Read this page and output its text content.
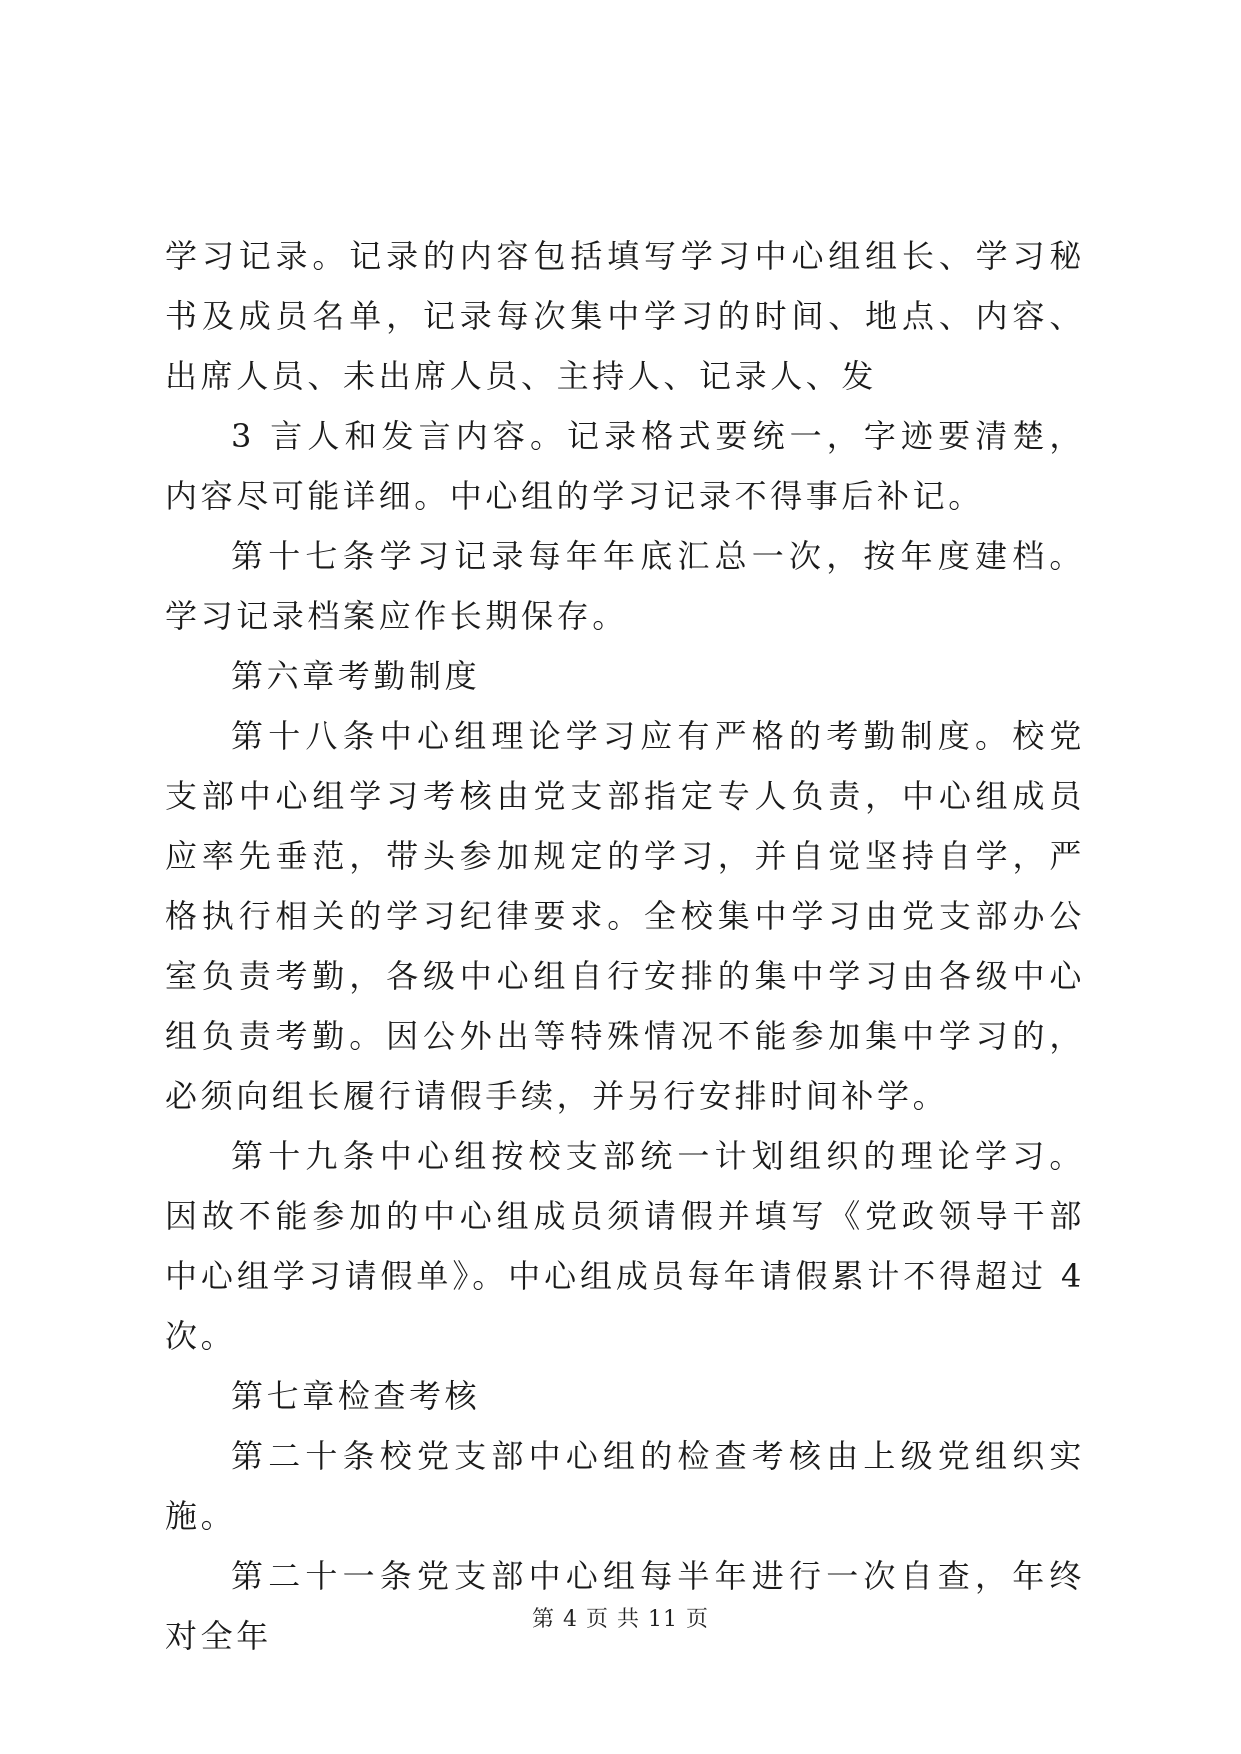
学习记录。记录的内容包括填写学习中心组组长、学习秘书及成员名单，记录每次集中学习的时间、地点、内容、出席人员、未出席人员、主持人、记录人、发

3 言人和发言内容。记录格式要统一，字迹要清楚，内容尽可能详细。中心组的学习记录不得事后补记。

第十七条学习记录每年年底汇总一次，按年度建档。学习记录档案应作长期保存。

第六章考勤制度

第十八条中心组理论学习应有严格的考勤制度。校党支部中心组学习考核由党支部指定专人负责，中心组成员应率先垂范，带头参加规定的学习，并自觉坚持自学，严格执行相关的学习纪律要求。全校集中学习由党支部办公室负责考勤，各级中心组自行安排的集中学习由各级中心组负责考勤。因公外出等特殊情况不能参加集中学习的，必须向组长履行请假手续，并另行安排时间补学。

第十九条中心组按校支部统一计划组织的理论学习。因故不能参加的中心组成员须请假并填写《党政领导干部中心组学习请假单》。中心组成员每年请假累计不得超过 4 次。

第七章检查考核

第二十条校党支部中心组的检查考核由上级党组织实施。

第二十一条党支部中心组每半年进行一次自查，年终对全年	第 4 页 共 11 页
